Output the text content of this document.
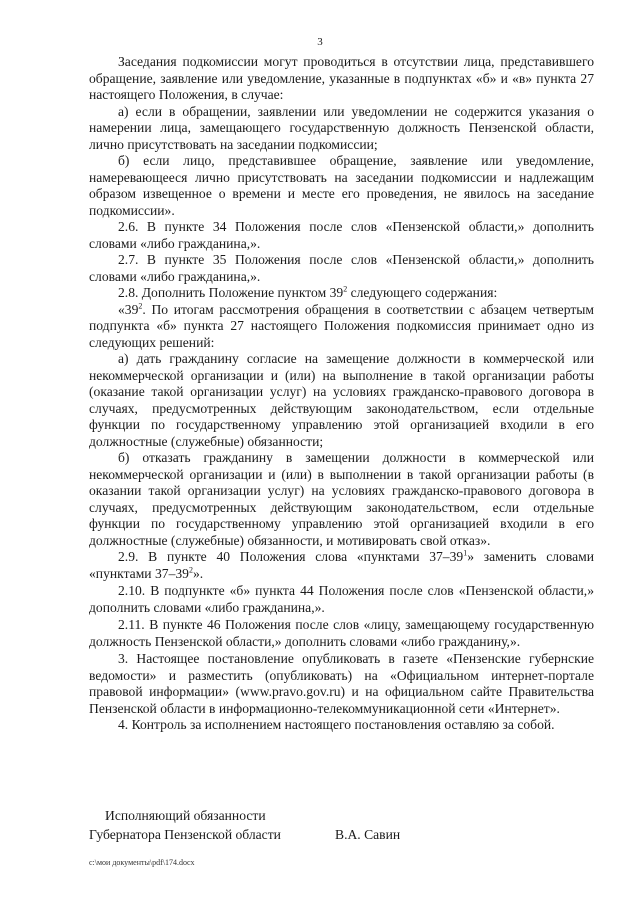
3

Заседания подкомиссии могут проводиться в отсутствии лица, представившего обращение, заявление или уведомление, указанные в подпунктах «б» и «в» пункта 27 настоящего Положения, в случае:

а) если в обращении, заявлении или уведомлении не содержится указания о намерении лица, замещающего государственную должность Пензенской области, лично присутствовать на заседании подкомиссии;

б) если лицо, представившее обращение, заявление или уведомление, намеревающееся лично присутствовать на заседании подкомиссии и надлежащим образом извещенное о времени и месте его проведения, не явилось на заседание подкомиссии».

2.6. В пункте 34 Положения после слов «Пензенской области,» дополнить словами «либо гражданина,».

2.7. В пункте 35 Положения после слов «Пензенской области,» дополнить словами «либо гражданина,».

2.8. Дополнить Положение пунктом $39^2$ следующего содержания:

«$39^2$. По итогам рассмотрения обращения в соответствии с абзацем четвертым подпункта «б» пункта 27 настоящего Положения подкомиссия принимает одно из следующих решений:

а) дать гражданину согласие на замещение должности в коммерческой или некоммерческой организации и (или) на выполнение в такой организации работы (оказание такой организации услуг) на условиях гражданско-правового договора в случаях, предусмотренных действующим законодательством, если отдельные функции по государственному управлению этой организацией входили в его должностные (служебные) обязанности;

б) отказать гражданину в замещении должности в коммерческой или некоммерческой организации и (или) в выполнении в такой организации работы (в оказании такой организации услуг) на условиях гражданско-правового договора в случаях, предусмотренных действующим законодательством, если отдельные функции по государственному управлению этой организацией входили в его должностные (служебные) обязанности, и мотивировать свой отказ».

2.9. В пункте 40 Положения слова «пунктами $37-39^1$» заменить словами «пунктами $37-39^2$».

2.10. В подпункте «б» пункта 44 Положения после слов «Пензенской области,» дополнить словами «либо гражданина,».

2.11. В пункте 46 Положения после слов «лицу, замещающему государственную должность Пензенской области,» дополнить словами «либо гражданину,».

3. Настоящее постановление опубликовать в газете «Пензенские губернские ведомости» и разместить (опубликовать) на «Официальном интернет-портале правовой информации» (www.pravo.gov.ru) и на официальном сайте Правительства Пензенской области в информационно-телекоммуникационной сети «Интернет».

4. Контроль за исполнением настоящего постановления оставляю за собой.

Исполняющий обязанности
Губернатора Пензенской области	В.А. Савин
c:\мои документы\pdf\174.docx
